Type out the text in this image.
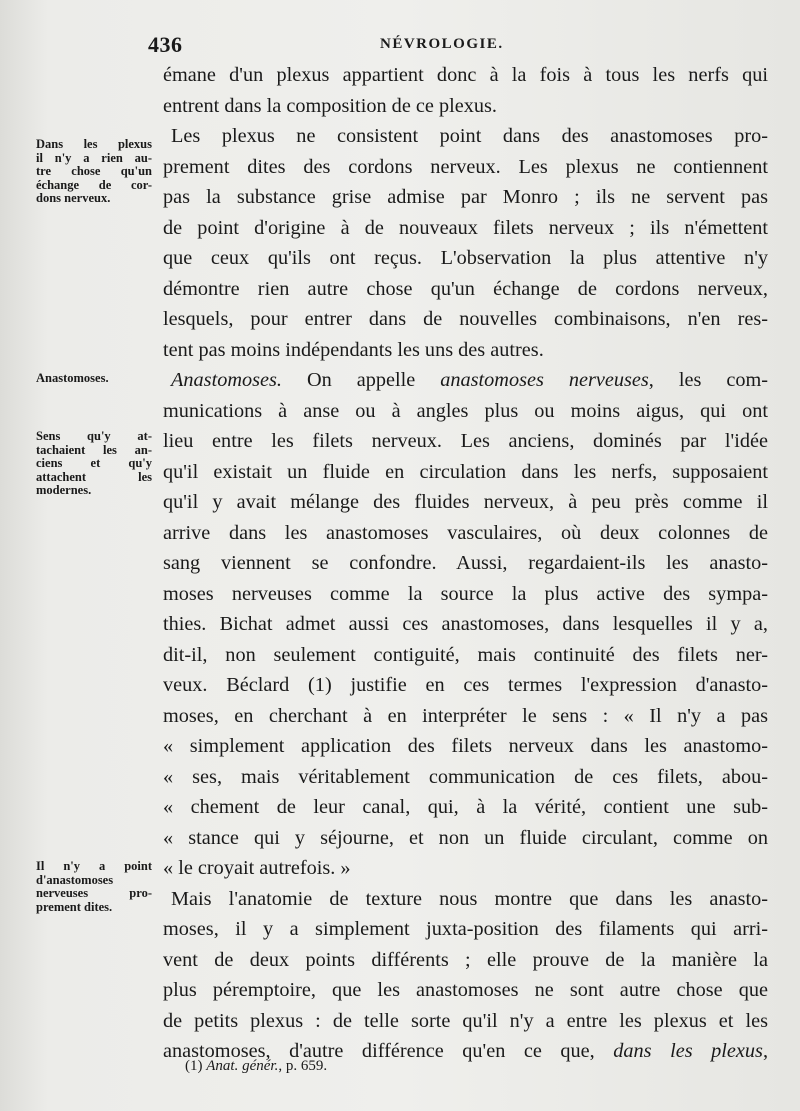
436	NÉVROLOGIE.
Dans les plexus
il n'y a rien au-
tre chose qu'un
échange de cor-
dons nerveux.
Anastomoses.
Sens qu'y at-
tachaient les an-
ciens et qu'y
attachent les
modernes.
Il n'y a point
d'anastomoses
nerveuses pro-
prement dites.
émane d'un plexus appartient donc à la fois à tous les nerfs qui
entrent dans la composition de ce plexus.
Les plexus ne consistent point dans des anastomoses pro-
prement dites des cordons nerveux. Les plexus ne contiennent
pas la substance grise admise par Monro ; ils ne servent pas
de point d'origine à de nouveaux filets nerveux ; ils n'émettent
que ceux qu'ils ont reçus. L'observation la plus attentive n'y
démontre rien autre chose qu'un échange de cordons nerveux,
lesquels, pour entrer dans de nouvelles combinaisons, n'en res-
tent pas moins indépendants les uns des autres.
Anastomoses. On appelle anastomoses nerveuses, les com-
munications à anse ou à angles plus ou moins aigus, qui ont
lieu entre les filets nerveux. Les anciens, dominés par l'idée
qu'il existait un fluide en circulation dans les nerfs, supposaient
qu'il y avait mélange des fluides nerveux, à peu près comme il
arrive dans les anastomoses vasculaires, où deux colonnes de
sang viennent se confondre. Aussi, regardaient-ils les anasto-
moses nerveuses comme la source la plus active des sympa-
thies. Bichat admet aussi ces anastomoses, dans lesquelles il y a,
dit-il, non seulement contiguité, mais continuité des filets ner-
veux. Béclard (1) justifie en ces termes l'expression d'anasto-
moses, en cherchant à en interpréter le sens : « Il n'y a pas
« simplement application des filets nerveux dans les anastomo-
« ses, mais véritablement communication de ces filets, abou-
« chement de leur canal, qui, à la vérité, contient une sub-
« stance qui y séjourne, et non un fluide circulant, comme on
« le croyait autrefois. »
Mais l'anatomie de texture nous montre que dans les anasto-
moses, il y a simplement juxta-position des filaments qui arri-
vent de deux points différents ; elle prouve de la manière la
plus péremptoire, que les anastomoses ne sont autre chose que
de petits plexus : de telle sorte qu'il n'y a entre les plexus et les
anastomoses, d'autre différence qu'en ce que, dans les plexus,
(1) Anat. génér., p. 659.
